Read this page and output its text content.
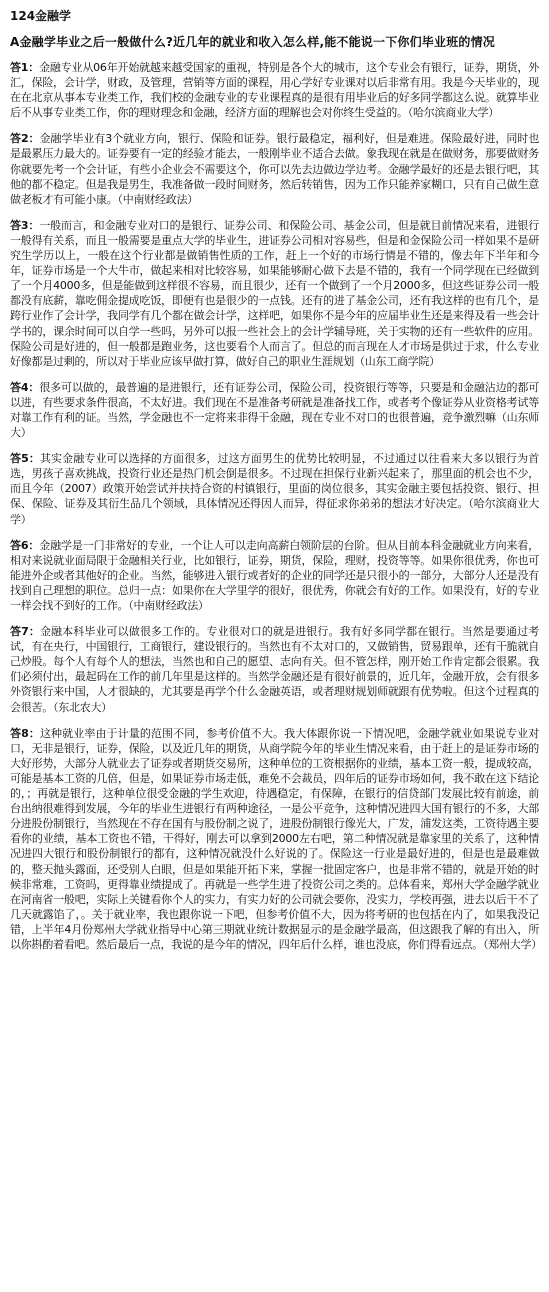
124金融学
A金融学毕业之后一般做什么?近几年的就业和收入怎么样,能不能说一下你们毕业班的情况

答1：金融专业从06年开始就越来越受国家的重视，特别是各个大的城市，这个专业会有银行，证券，期货，外汇，保险，会计学，财政，及管理，营销等方面的课程，用心学好专业课对以后非常有用。我是今天毕业的，现在在北京从事本专业类工作，我们校的金融专业的专业课程真的是很有用毕业后的好多同学都这么说。就算毕业后不从事专业类工作，你的理财理念和金融，经济方面的理解也会对你终生受益的。（哈尔滨商业大学）

答2：金融学毕业有3个就业方向，银行、保险和证券。银行最稳定，福利好，但是难进。保险最好进，同时也是最累压力最大的。证券要有一定的经验才能去，一般刚毕业不适合去做。象我现在就是在做财务，那要做财务你就要先考一个会计证，有些小企业会不需要这个，你可以先去边做边学边考。金融学最好的还是去银行吧，其他的都不稳定。但是我是男生，我准备做一段时间财务，然后转销售，因为工作只能养家糊口，只有自己做生意做老板才有可能小康。（中南财经政法）

答3：一般而言，和金融专业对口的是银行、证券公司、和保险公司、基金公司，但是就目前情况来看，进银行一般得有关系，而且一般需要是重点大学的毕业生，进证券公司相对容易些，但是和金保险公司一样如果不是研究生学历以上，一般在这个行业都是做销售性质的工作，赶上一个好的市场行情是不错的，像去年下半年和今年，证券市场是一个大牛市，做起来相对比较容易，如果能够耐心做下去是不错的，我有一个同学现在已经做到了一个月4000多，但是能做到这样很不容易，而且很少，还有一个做到了一个月2000多，但这些证券公司一般都没有底薪，靠吃佣金提成吃饭，即便有也是很少的一点钱。还有的进了基金公司，还有我这样的也有几个，是跨行业作了会计学，我同学有几个都在做会计学，这样吧，如果你不是今年的应届毕业生还是来得及看一些会计学书的，课余时间可以自学一些吗，另外可以报一些社会上的会计学辅导班，关于实物的还有一些软件的应用。保险公司是好进的，但一般都是跑业务，这也要看个人而言了。但总的而言现在人才市场是供过于求，什么专业好像都是过剩的，所以对于毕业应该早做打算，做好自己的职业生涯规划（山东工商学院）

答4：很多可以做的，最普遍的是进银行，还有证券公司，保险公司，投资银行等等，只要是和金融沾边的都可以进，有些要求条件很高，不太好进。我们现在不是准备考研就是准备找工作，或者考个像证券从业资格考试等对靠工作有利的证。当然，学金融也不一定将来非得干金融，现在专业不对口的也很普遍，竞争激烈嘛（山东师大）

答5：其实金融专业可以选择的方面很多，过这方面男生的优势比较明显，不过通过以往看来大多以银行为首选，男孩子喜欢挑战，投资行业还是热门机会倒是很多。不过现在担保行业新兴起来了，那里面的机会也不少，而且今年（2007）政策开始尝试并扶持合资的村镇银行，里面的岗位很多，其实金融主要包括投资、银行、担保、保险、证券及其衍生品几个领域，具体情况还得因人而异，得征求你弟弟的想法才好决定。（哈尔滨商业大学）

答6：金融学是一门非常好的专业，一个让人可以走向高薪白领阶层的台阶。但从目前本科金融就业方向来看，相对来说就业面局限于金融相关行业，比如银行，证券，期货，保险，理财，投资等等。如果你很优秀，你也可能进外企或者其他好的企业。当然，能够进入银行或者好的企业的同学还是只很小的一部分，大部分人还是没有找到自己理想的职位。总归一点：如果你在大学里学的很好，很优秀，你就会有好的工作。如果没有，好的专业一样会找不到好的工作。（中南财经政法）

答7：金融本科毕业可以做很多工作的。专业很对口的就是进银行。我有好多同学都在银行。当然是要通过考试，有在央行，中国银行，工商银行，建设银行的。当然也有不太对口的，又做销售，贸易跟单，还有干脆就自己炒股。每个人有每个人的想法，当然也和自己的愿望、志向有关。但不管怎样，刚开始工作肯定都会很累。我们必须付出，最起码在工作的前几年里是这样的。当然学金融还是有很好前景的，近几年，金融开放，会有很多外资银行来中国，人才很缺的，尤其要是再学个什么金融英语，或者理财规划师就跟有优势啦。但这个过程真的会很苦。（东北农大）

答8：这种就业率由于计量的范围不同，参考价值不大。我大体跟你说一下情况吧，金融学就业如果说专业对口，无非是银行，证券，保险，以及近几年的期货，从商学院今年的毕业生情况来看，由于赶上的是证券市场的大好形势，大部分人就业去了证券或者期货交易所，这种单位的工资根据你的业绩，基本工资一般，提成较高，可能是基本工资的几倍，但是，如果证券市场走低，难免不会裁员，四年后的证券市场如何，我不敢在这下结论的，；再就是银行，这种单位很受金融的学生欢迎，待遇稳定，有保障，在银行的信贷部门发展比较有前途，前台出纳很难得到发展，今年的毕业生进银行有两种途径，一是公平竞争，这种情况进四大国有银行的不多，大部分进股份制银行，当然现在不存在国有与股份制之说了，进股份制银行像光大，广发，浦发这类，工资待遇主要看你的业绩，基本工资也不错，干得好，刚去可以拿到2000左右吧，第二种情况就是靠家里的关系了，这种情况进四大银行和股份制银行的都有，这种情况就没什么好说的了。保险这一行业是最好进的，但是也是最难做的，整天抛头露面，还受别人白眼，但是如果能开拓下来，掌握一批固定客户，也是非常不错的，就是开始的时候非常难，工资吗，更得靠业绩提成了。再就是一些学生进了投资公司之类的。总体看来，郑州大学金融学就业在河南省一般吧，实际上关键看你个人的实力，有实力好的公司就会要你，没实力，学校再强，进去以后干不了几天就露馅了，。关于就业率，我也跟你说一下吧，但参考价值不大，因为将考研的也包括在内了，如果我没记错，上半年4月份郑州大学就业指导中心第三期就业统计数据显示的是金融学最高，但这跟我了解的有出入，所以你斟酌着看吧。然后最后一点，我说的是今年的情况，四年后什么样，谁也没底，你们得看远点。（郑州大学）
